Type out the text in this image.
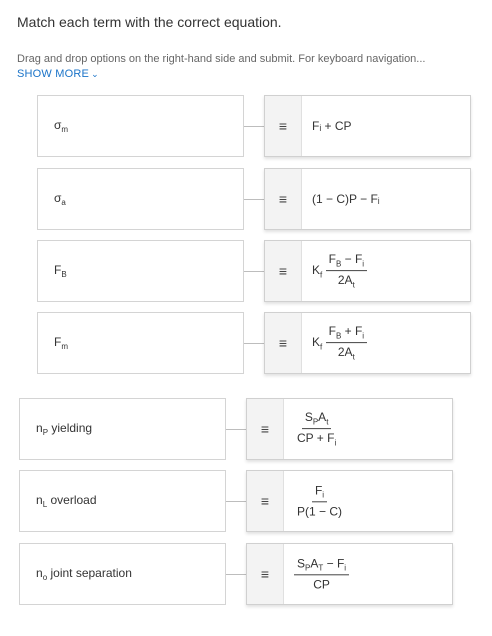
Match each term with the correct equation.
Drag and drop options on the right-hand side and submit. For keyboard navigation...
SHOW MORE ⌄
$\sigma_m$	≡	Fᵢ + CP
$\sigma_a$	≡	(1 − C)P − Fᵢ
$F_B$	≡	$K_f \frac{F_B - F_i}{2A_t}$
$F_m$	≡	$K_f \frac{F_B + F_i}{2A_t}$
$n_P$ yielding	≡	$\frac{S_PA_t}{CP + F_i}$
$n_L$ overload	≡	$\frac{F_i}{P(1 - C)}$
$n_o$ joint separation	≡	$\frac{S_PA_T - F_i}{CP}$
